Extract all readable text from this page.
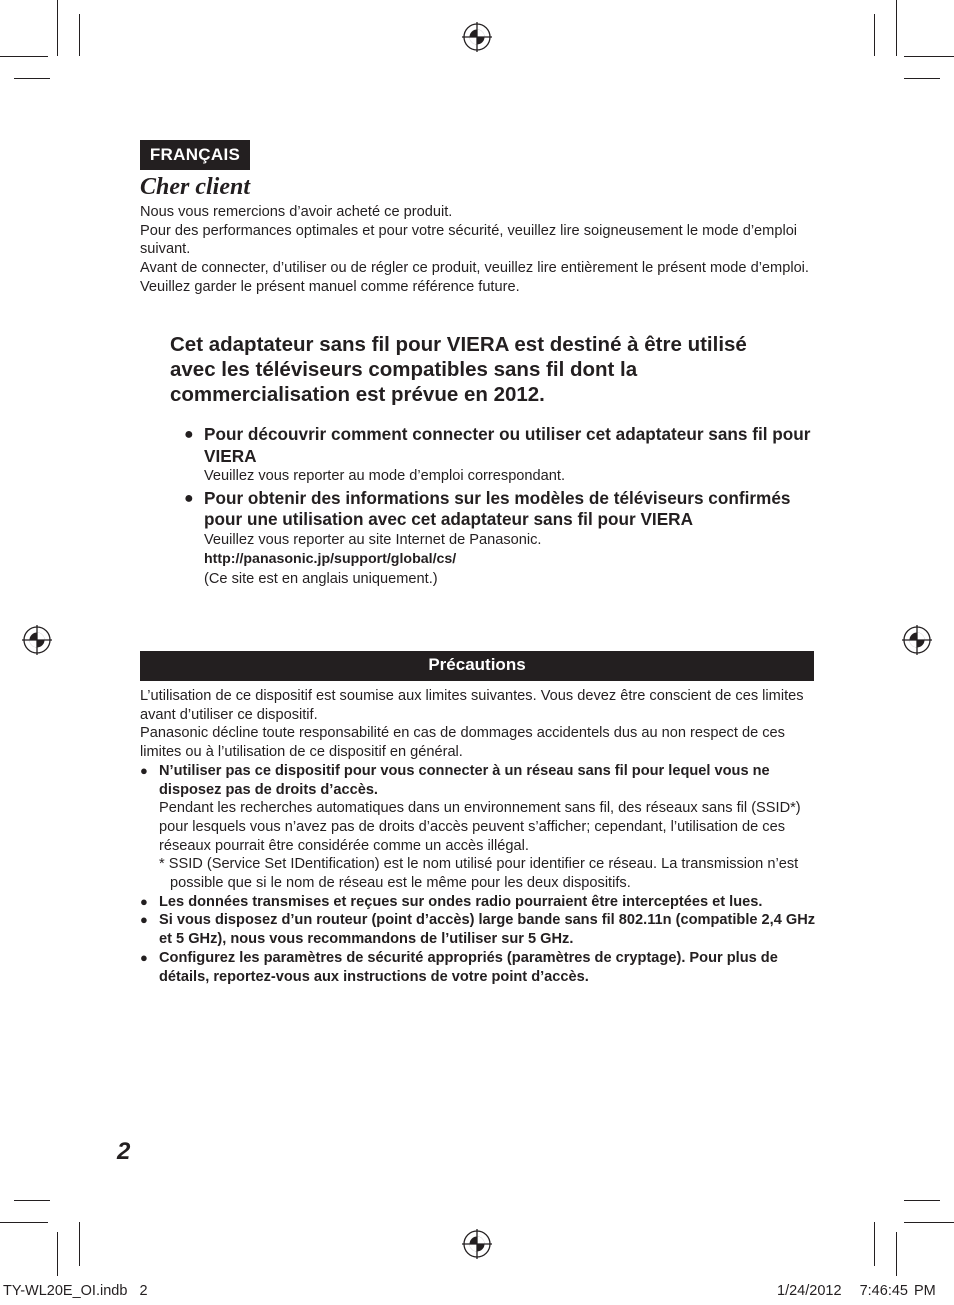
FRANÇAIS
Cher client

Nous vous remercions d’avoir acheté ce produit.

Pour des performances optimales et pour votre sécurité, veuillez lire soigneusement le mode d’emploi suivant.

Avant de connecter, d’utiliser ou de régler ce produit, veuillez lire entièrement le présent mode d’emploi.

Veuillez garder le présent manuel comme référence future.

Cet adaptateur sans fil pour VIERA est destiné à être utilisé avec les téléviseurs compatibles sans fil dont la commercialisation est prévue en 2012.
● Pour découvrir comment connecter ou utiliser cet adaptateur sans fil pour VIERA
Veuillez vous reporter au mode d’emploi correspondant.
● Pour obtenir des informations sur les modèles de téléviseurs confirmés pour une utilisation avec cet adaptateur sans fil pour VIERA
Veuillez vous reporter au site Internet de Panasonic.
http://panasonic.jp/support/global/cs/
(Ce site est en anglais uniquement.)
Précautions

L’utilisation de ce dispositif est soumise aux limites suivantes. Vous devez être conscient de ces limites avant d’utiliser ce dispositif.

Panasonic décline toute responsabilité en cas de dommages accidentels dus au non respect de ces limites ou à l’utilisation de ce dispositif en général.

● N’utiliser pas ce dispositif pour vous connecter à un réseau sans fil pour lequel vous ne disposez pas de droits d’accès.
Pendant les recherches automatiques dans un environnement sans fil, des réseaux sans fil (SSID*) pour lesquels vous n’avez pas de droits d’accès peuvent s’afficher; cependant, l’utilisation de ces réseaux pourrait être considérée comme un accès illégal.
* SSID (Service Set IDentification) est le nom utilisé pour identifier ce réseau. La transmission n’est possible que si le nom de réseau est le même pour les deux dispositifs.
● Les données transmises et reçues sur ondes radio pourraient être interceptées et lues.
● Si vous disposez d’un routeur (point d’accès) large bande sans fil 802.11n (compatible 2,4 GHz et 5 GHz), nous vous recommandons de l’utiliser sur 5 GHz.
● Configurez les paramètres de sécurité appropriés (paramètres de cryptage). Pour plus de détails, reportez-vous aux instructions de votre point d’accès.
2
TY-WL20E_OI.indb   2	1/24/2012   7:46:45 PM
